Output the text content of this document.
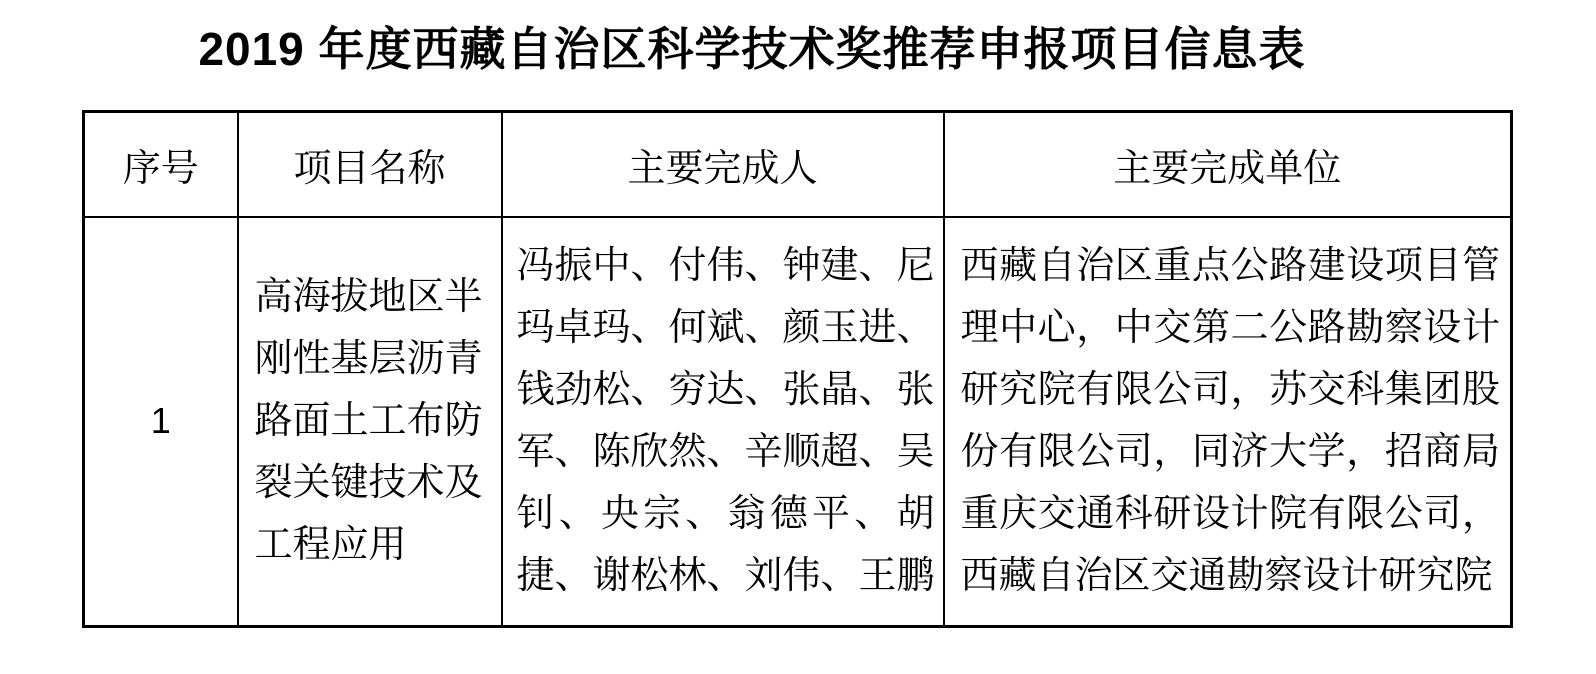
2019 年度西藏自治区科学技术奖推荐申报项目信息表
序号	项目名称	主要完成人	主要完成单位
1	高海拔地区半刚性基层沥青路面土工布防裂关键技术及工程应用	冯振中、付伟、钟建、尼玛卓玛、何斌、颜玉进、钱劲松、穷达、张晶、张军、陈欣然、辛顺超、吴钊、央宗、翁德平、胡捷、谢松林、刘伟、王鹏	西藏自治区重点公路建设项目管理中心，中交第二公路勘察设计研究院有限公司，苏交科集团股份有限公司，同济大学，招商局重庆交通科研设计院有限公司，西藏自治区交通勘察设计研究院
